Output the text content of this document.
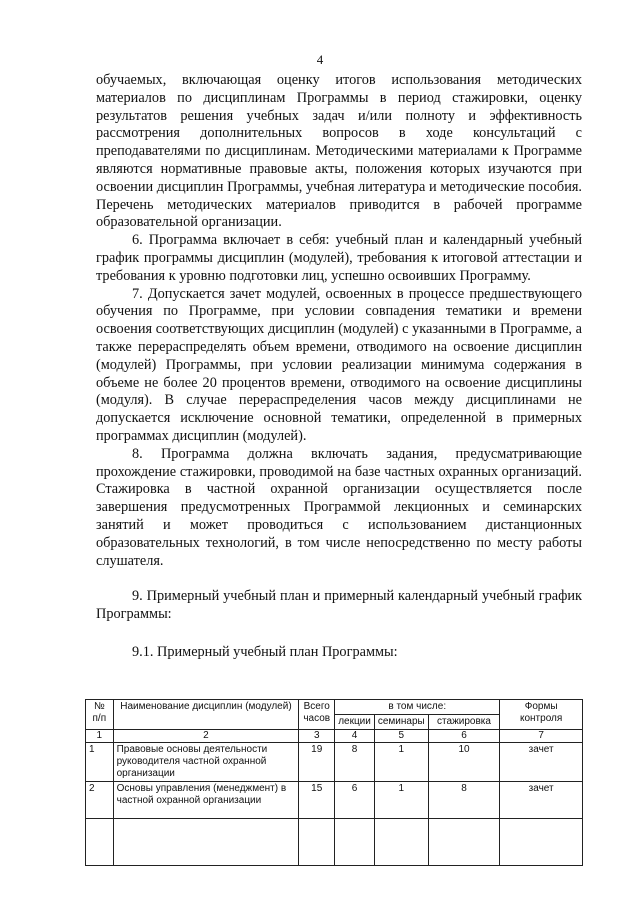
4

обучаемых, включающая оценку итогов использования методических материалов по дисциплинам Программы в период стажировки, оценку результатов решения учебных задач и/или полноту и эффективность рассмотрения дополнительных вопросов в ходе консультаций с преподавателями по дисциплинам. Методическими материалами к Программе являются нормативные правовые акты, положения которых изучаются при освоении дисциплин Программы, учебная литература и методические пособия. Перечень методических материалов приводится в рабочей программе образовательной организации.

6. Программа включает в себя: учебный план и календарный учебный график программы дисциплин (модулей), требования к итоговой аттестации и требования к уровню подготовки лиц, успешно освоивших Программу.

7. Допускается зачет модулей, освоенных в процессе предшествующего обучения по Программе, при условии совпадения тематики и времени освоения соответствующих дисциплин (модулей) с указанными в Программе, а также перераспределять объем времени, отводимого на освоение дисциплин (модулей) Программы, при условии реализации минимума содержания в объеме не более 20 процентов времени, отводимого на освоение дисциплины (модуля). В случае перераспределения часов между дисциплинами не допускается исключение основной тематики, определенной в примерных программах дисциплин (модулей).

8. Программа должна включать задания, предусматривающие прохождение стажировки, проводимой на базе частных охранных организаций. Стажировка в частной охранной организации осуществляется после завершения предусмотренных Программой лекционных и семинарских занятий и может проводиться с использованием дистанционных образовательных технологий, в том числе непосредственно по месту работы слушателя.

9. Примерный учебный план и примерный календарный учебный график Программы:

9.1. Примерный учебный план Программы:

№ п/п	Наименование дисциплин (модулей)	Всего часов	в том числе:			Формы контроля
			лекции	семинары	стажировка	
1	2	3	4	5	6	7
1	Правовые основы деятельности руководителя частной охранной организации	19	8	1	10	зачет
2	Основы управления (менеджмент) в частной охранной организации	15	6	1	8	зачет
